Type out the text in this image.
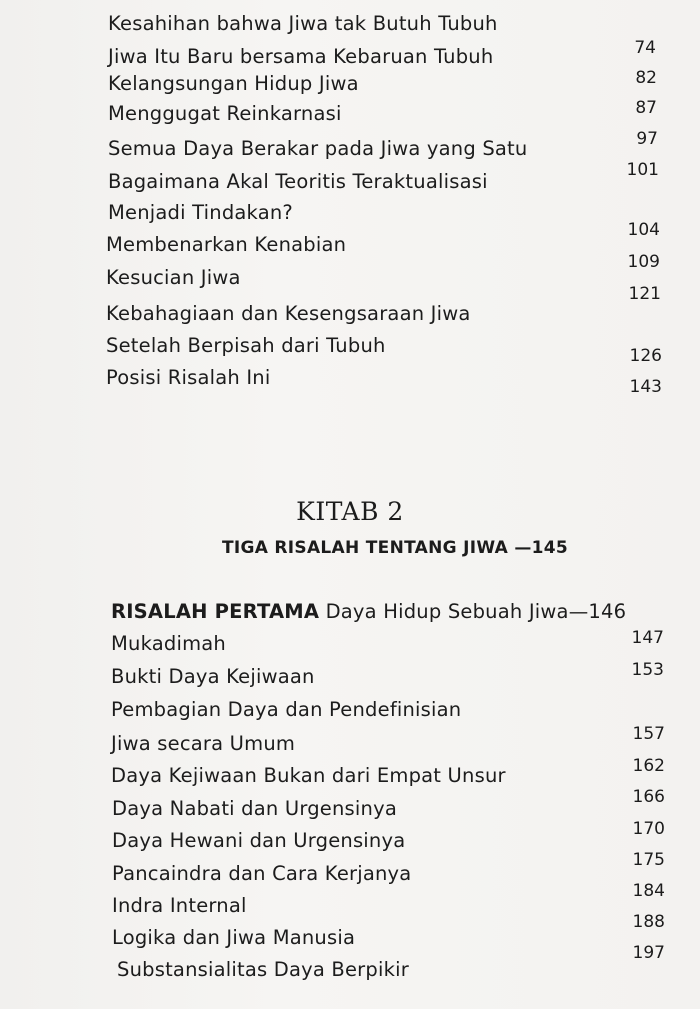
Kesahihan bahwa Jiwa tak Butuh Tubuh
Jiwa Itu Baru bersama Kebaruan Tubuh
Kelangsungan Hidup Jiwa
Menggugat Reinkarnasi
Semua Daya Berakar pada Jiwa yang Satu
Bagaimana Akal Teoritis Teraktualisasi
Menjadi Tindakan?
Membenarkan Kenabian
Kesucian Jiwa
Kebahagiaan dan Kesengsaraan Jiwa
Setelah Berpisah dari Tubuh
Posisi Risalah Ini
74
82
87
97
101
104
109
121
126
143
KITAB 2
TIGA RISALAH TENTANG JIWA —145
RISALAH PERTAMA Daya Hidup Sebuah Jiwa—146
Mukadimah
Bukti Daya Kejiwaan
Pembagian Daya dan Pendefinisian
Jiwa secara Umum
Daya Kejiwaan Bukan dari Empat Unsur
Daya Nabati dan Urgensinya
Daya Hewani dan Urgensinya
Pancaindra dan Cara Kerjanya
Indra Internal
Logika dan Jiwa Manusia
Substansialitas Daya Berpikir
147
153
157
162
166
170
175
184
188
197
